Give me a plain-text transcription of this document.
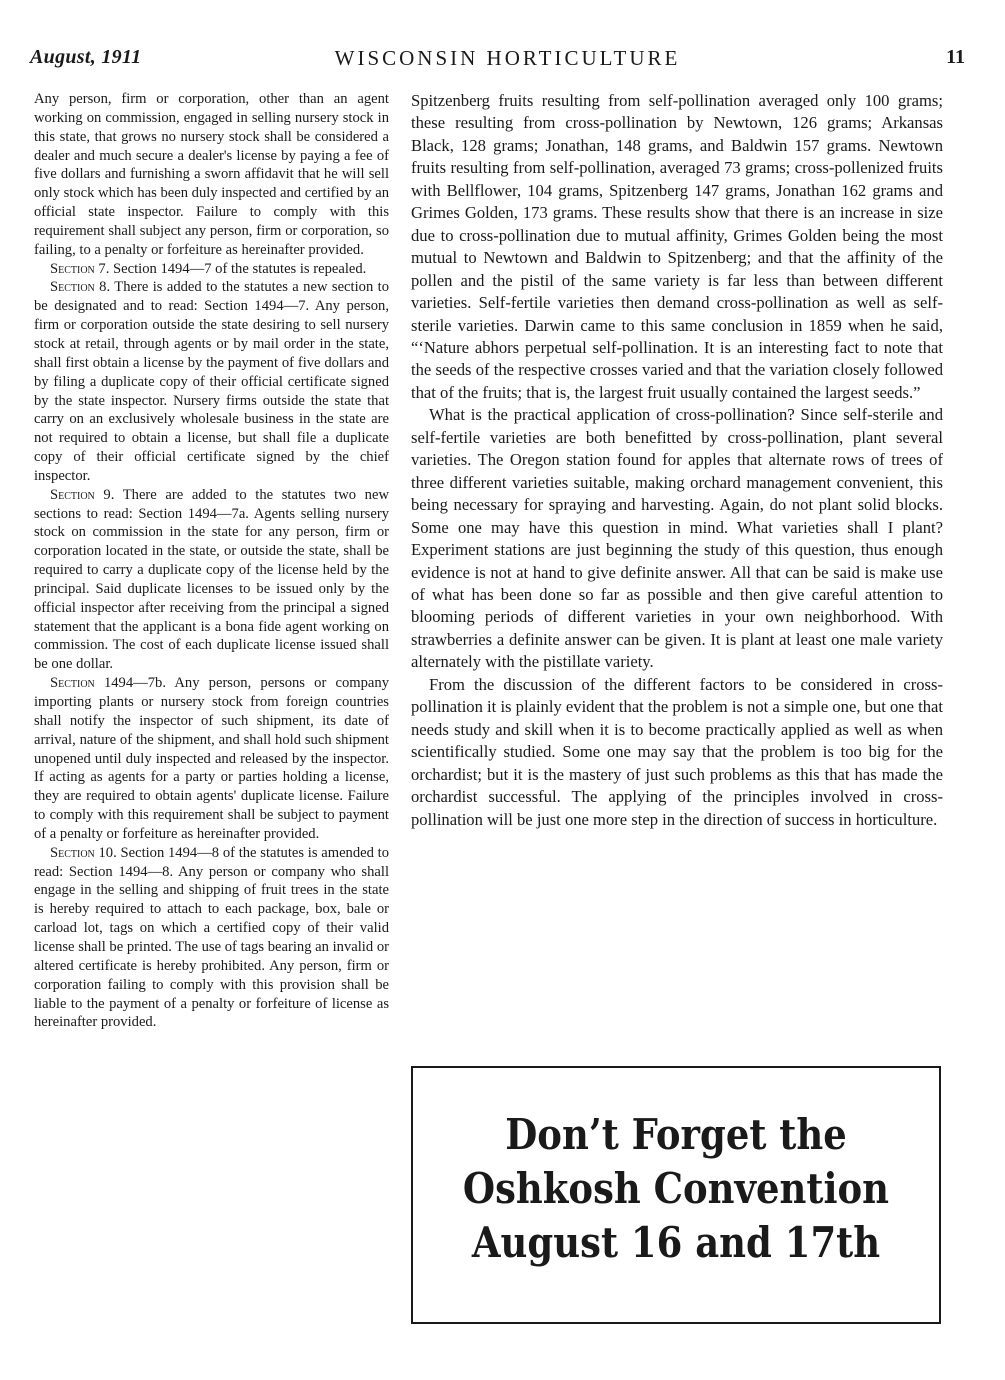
August, 1911	WISCONSIN HORTICULTURE	11

Any person, firm or corporation, other than an agent working on commission, engaged in selling nursery stock in this state, that grows no nursery stock shall be considered a dealer and much secure a dealer's license by paying a fee of five dollars and furnishing a sworn affidavit that he will sell only stock which has been duly inspected and certified by an official state inspector. Failure to comply with this requirement shall subject any person, firm or corporation, so failing, to a penalty or forfeiture as hereinafter provided.

Section 7. Section 1494—7 of the statutes is repealed.

Section 8. There is added to the statutes a new section to be designated and to read: Section 1494—7. Any person, firm or corporation outside the state desiring to sell nursery stock at retail, through agents or by mail order in the state, shall first obtain a license by the payment of five dollars and by filing a duplicate copy of their official certificate signed by the state inspector. Nursery firms outside the state that carry on an exclusively wholesale business in the state are not required to obtain a license, but shall file a duplicate copy of their official certificate signed by the chief inspector.

Section 9. There are added to the statutes two new sections to read: Section 1494—7a. Agents selling nursery stock on commission in the state for any person, firm or corporation located in the state, or outside the state, shall be required to carry a duplicate copy of the license held by the principal. Said duplicate licenses to be issued only by the official inspector after receiving from the principal a signed statement that the applicant is a bona fide agent working on commission. The cost of each duplicate license issued shall be one dollar.

Section 1494—7b. Any person, persons or company importing plants or nursery stock from foreign countries shall notify the inspector of such shipment, its date of arrival, nature of the shipment, and shall hold such shipment unopened until duly inspected and released by the inspector. If acting as agents for a party or parties holding a license, they are required to obtain agents' duplicate license. Failure to comply with this requirement shall be subject to payment of a penalty or forfeiture as hereinafter provided.

Section 10. Section 1494—8 of the statutes is amended to read: Section 1494—8. Any person or company who shall engage in the selling and shipping of fruit trees in the state is hereby required to attach to each package, box, bale or carload lot, tags on which a certified copy of their valid license shall be printed. The use of tags bearing an invalid or altered certificate is hereby prohibited. Any person, firm or corporation failing to comply with this provision shall be liable to the payment of a penalty or forfeiture of license as hereinafter provided.

Spitzenberg fruits resulting from self-pollination averaged only 100 grams; these resulting from cross-pollination by Newtown, 126 grams; Arkansas Black, 128 grams; Jonathan, 148 grams, and Baldwin 157 grams. Newtown fruits resulting from self-pollination, averaged 73 grams; cross-pollenized fruits with Bellflower, 104 grams, Spitzenberg 147 grams, Jonathan 162 grams and Grimes Golden, 173 grams. These results show that there is an increase in size due to cross-pollination due to mutual affinity, Grimes Golden being the most mutual to Newtown and Baldwin to Spitzenberg; and that the affinity of the pollen and the pistil of the same variety is far less than between different varieties. Self-fertile varieties then demand cross-pollination as well as self-sterile varieties. Darwin came to this same conclusion in 1859 when he said, “‘Nature abhors perpetual self-pollination. It is an interesting fact to note that the seeds of the respective crosses varied and that the variation closely followed that of the fruits; that is, the largest fruit usually contained the largest seeds.”

What is the practical application of cross-pollination? Since self-sterile and self-fertile varieties are both benefitted by cross-pollination, plant several varieties. The Oregon station found for apples that alternate rows of trees of three different varieties suitable, making orchard management convenient, this being necessary for spraying and harvesting. Again, do not plant solid blocks. Some one may have this question in mind. What varieties shall I plant? Experiment stations are just beginning the study of this question, thus enough evidence is not at hand to give definite answer. All that can be said is make use of what has been done so far as possible and then give careful attention to blooming periods of different varieties in your own neighborhood. With strawberries a definite answer can be given. It is plant at least one male variety alternately with the pistillate variety.

From the discussion of the different factors to be considered in cross-pollination it is plainly evident that the problem is not a simple one, but one that needs study and skill when it is to become practically applied as well as when scientifically studied. Some one may say that the problem is too big for the orchardist; but it is the mastery of just such problems as this that has made the orchardist successful. The applying of the principles involved in cross-pollination will be just one more step in the direction of success in horticulture.

Don’t Forget the
Oshkosh Convention
August 16 and 17th
